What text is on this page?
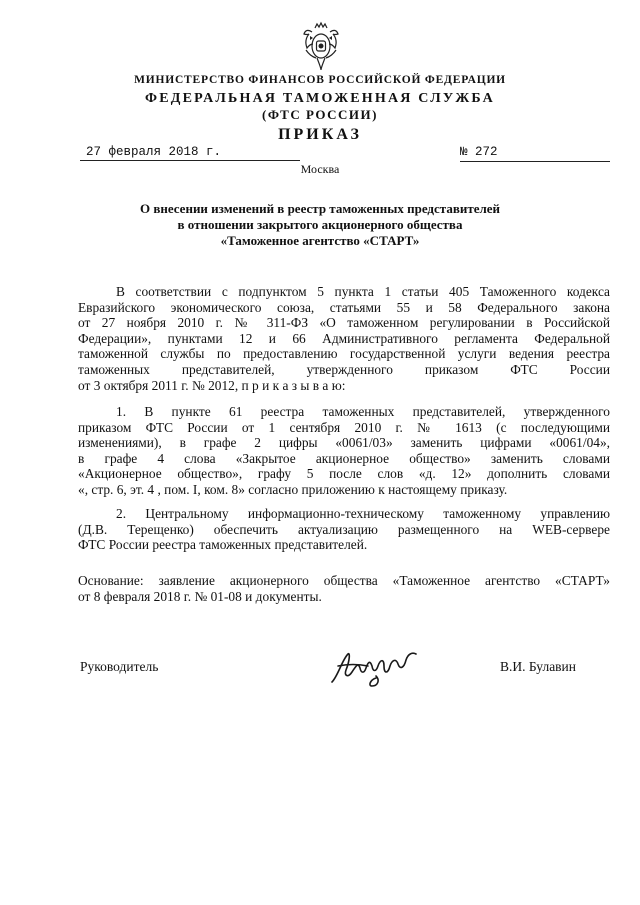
МИНИСТЕРСТВО ФИНАНСОВ РОССИЙСКОЙ ФЕДЕРАЦИИ
ФЕДЕРАЛЬНАЯ ТАМОЖЕННАЯ СЛУЖБА
(ФТС РОССИИ)
ПРИКАЗ
27 февраля 2018 г.	№ 272
Москва
О внесении изменений в реестр таможенных представителей
в отношении закрытого акционерного общества
«Таможенное агентство «СТАРТ»
В соответствии с подпунктом 5 пункта 1 статьи 405 Таможенного кодекса
Евразийского экономического союза, статьями 55 и 58 Федерального закона
от 27 ноября 2010 г. № 311-ФЗ «О таможенном регулировании в Российской
Федерации», пунктами 12 и 66 Административного регламента Федеральной
таможенной службы по предоставлению государственной услуги ведения реестра
таможенных представителей, утвержденного приказом ФТС России
от 3 октября 2011 г. № 2012, п р и к а з ы в а ю:
1. В пункте 61 реестра таможенных представителей, утвержденного
приказом ФТС России от 1 сентября 2010 г. № 1613 (с последующими
изменениями), в графе 2 цифры «0061/03» заменить цифрами «0061/04»,
в графе 4 слова «Закрытое акционерное общество» заменить словами
«Акционерное общество», графу 5 после слов «д. 12» дополнить словами
«, стр. 6, эт. 4 , пом. I, ком. 8» согласно приложению к настоящему приказу.
2. Центральному информационно-техническому таможенному управлению
(Д.В. Терещенко) обеспечить актуализацию размещенного на WEB-сервере
ФТС России реестра таможенных представителей.
Основание: заявление акционерного общества «Таможенное агентство «СТАРТ»
от 8 февраля 2018 г. № 01-08 и документы.
Руководитель	В.И. Булавин
